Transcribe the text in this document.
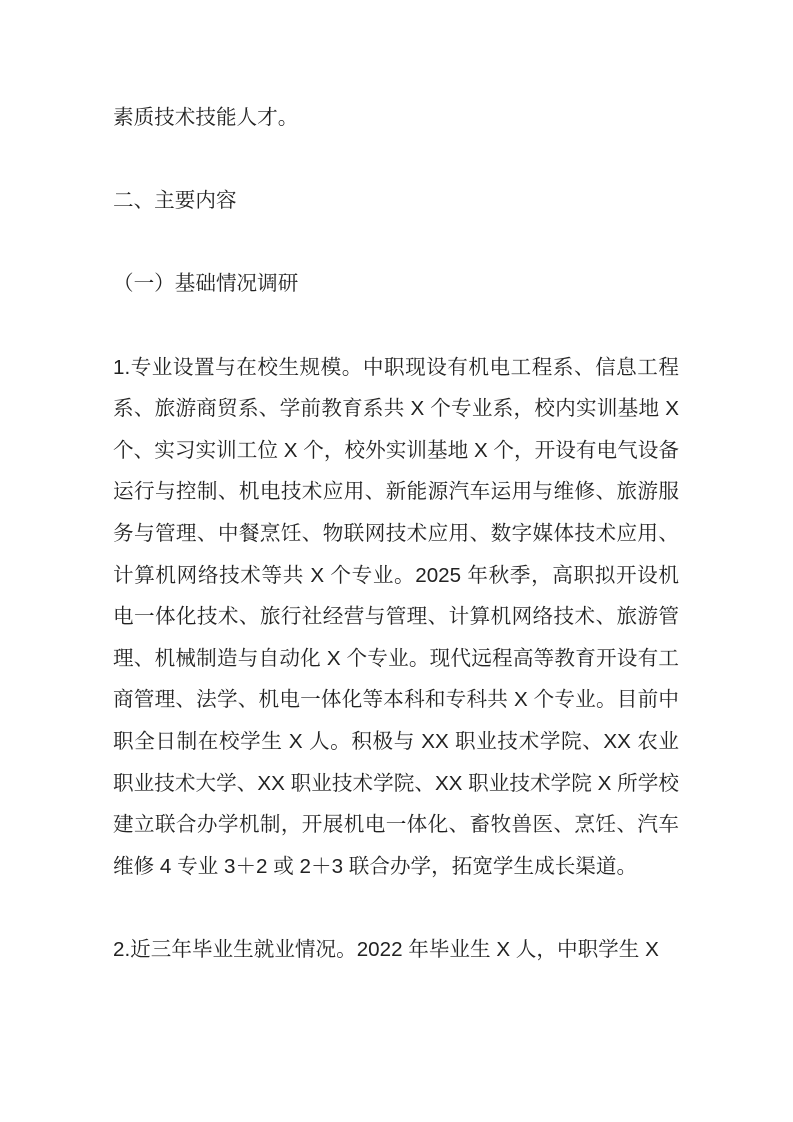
素质技术技能人才。

二、主要内容

（一）基础情况调研

1.专业设置与在校生规模。中职现设有机电工程系、信息工程系、旅游商贸系、学前教育系共 X 个专业系，校内实训基地 X 个、实习实训工位 X 个，校外实训基地 X 个，开设有电气设备运行与控制、机电技术应用、新能源汽车运用与维修、旅游服务与管理、中餐烹饪、物联网技术应用、数字媒体技术应用、计算机网络技术等共 X 个专业。2025 年秋季，高职拟开设机电一体化技术、旅行社经营与管理、计算机网络技术、旅游管理、机械制造与自动化 X 个专业。现代远程高等教育开设有工商管理、法学、机电一体化等本科和专科共 X 个专业。目前中职全日制在校学生 X 人。积极与 XX 职业技术学院、XX 农业职业技术大学、XX 职业技术学院、XX 职业技术学院 X 所学校建立联合办学机制，开展机电一体化、畜牧兽医、烹饪、汽车维修 4 专业 3＋2 或 2＋3 联合办学，拓宽学生成长渠道。

2.近三年毕业生就业情况。2022 年毕业生 X 人，中职学生 X
